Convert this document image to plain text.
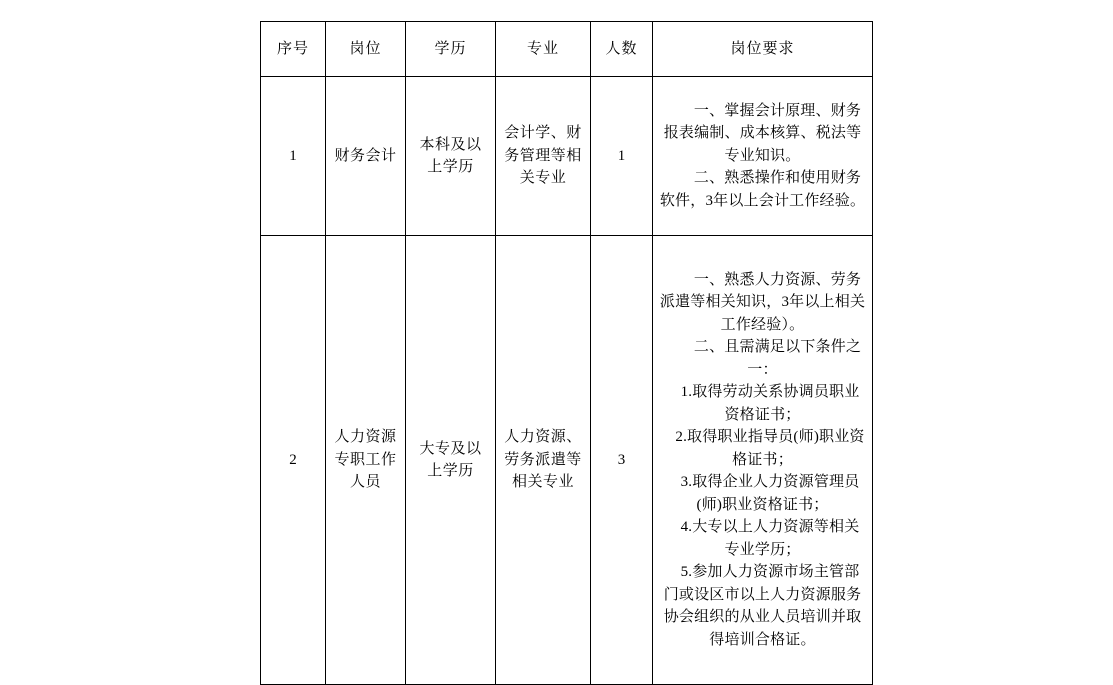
序号	岗位	学历	专业	人数	岗位要求
1	财务会计	本科及以上学历	会计学、财务管理等相关专业	1	一、掌握会计原理、财务报表编制、成本核算、税法等专业知识。

二、熟悉操作和使用财务软件，3年以上会计工作经验。

2	人力资源专职工作人员	大专及以上学历	人力资源、劳务派遣等相关专业	3	

一、熟悉人力资源、劳务派遣等相关知识，3年以上相关工作经验）。

二、且需满足以下条件之一：

1.取得劳动关系协调员职业资格证书；

2.取得职业指导员(师)职业资格证书；

3.取得企业人力资源管理员(师)职业资格证书；

4.大专以上人力资源等相关专业学历；

5.参加人力资源市场主管部门或设区市以上人力资源服务协会组织的从业人员培训并取得培训合格证。
